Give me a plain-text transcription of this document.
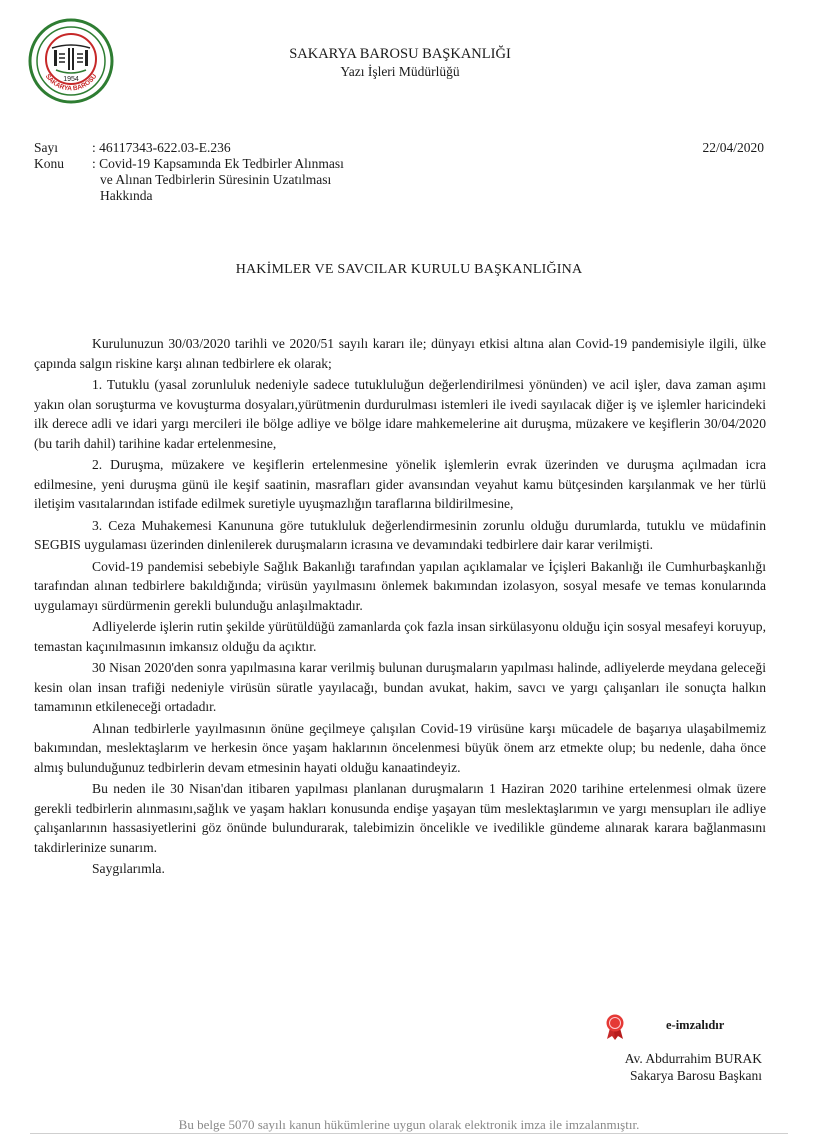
1954
SAKARYA BAROSU
SAKARYA BAROSU BAŞKANLIĞI
Yazı İşleri Müdürlüğü
Sayı	: 46117343-622.03-E.236
Konu	: Covid-19 Kapsamında Ek Tedbirler Alınması
ve Alınan Tedbirlerin Süresinin Uzatılması
Hakkında
22/04/2020
HAKİMLER VE SAVCILAR KURULU BAŞKANLIĞINA

Kurulunuzun 30/03/2020 tarihli ve 2020/51 sayılı kararı ile; dünyayı etkisi altına alan Covid-19 pandemisiyle ilgili, ülke çapında salgın riskine karşı alınan tedbirlere ek olarak;

1. Tutuklu (yasal zorunluluk nedeniyle sadece tutukluluğun değerlendirilmesi yönünden) ve acil işler, dava zaman aşımı yakın olan soruşturma ve kovuşturma dosyaları,yürütmenin durdurulması istemleri ile ivedi sayılacak diğer iş ve işlemler haricindeki ilk derece adli ve idari yargı mercileri ile bölge adliye ve bölge idare mahkemelerine ait duruşma, müzakere ve keşiflerin 30/04/2020 (bu tarih dahil) tarihine kadar ertelenmesine,

2. Duruşma, müzakere ve keşiflerin ertelenmesine yönelik işlemlerin evrak üzerinden ve duruşma açılmadan icra edilmesine, yeni duruşma günü ile keşif saatinin, masrafları gider avansından veyahut kamu bütçesinden karşılanmak ve her türlü iletişim vasıtalarından istifade edilmek suretiyle uyuşmazlığın taraflarına bildirilmesine,

3. Ceza Muhakemesi Kanununa göre tutukluluk değerlendirmesinin zorunlu olduğu durumlarda, tutuklu ve müdafinin SEGBIS uygulaması üzerinden dinlenilerek duruşmaların icrasına ve devamındaki tedbirlere dair karar verilmişti.

Covid-19 pandemisi sebebiyle Sağlık Bakanlığı tarafından yapılan açıklamalar ve İçişleri Bakanlığı ile Cumhurbaşkanlığı tarafından alınan tedbirlere bakıldığında; virüsün yayılmasını önlemek bakımından izolasyon, sosyal mesafe ve temas konularında uygulamayı sürdürmenin gerekli bulunduğu anlaşılmaktadır.

Adliyelerde işlerin rutin şekilde yürütüldüğü zamanlarda çok fazla insan sirkülasyonu olduğu için sosyal mesafeyi koruyup, temastan kaçınılmasının imkansız olduğu da açıktır.

30 Nisan 2020'den sonra yapılmasına karar verilmiş bulunan duruşmaların yapılması halinde, adliyelerde meydana geleceği kesin olan insan trafiği nedeniyle virüsün süratle yayılacağı, bundan avukat, hakim, savcı ve yargı çalışanları ile sonuçta halkın tamamının etkileneceği ortadadır.

Alınan tedbirlerle yayılmasının önüne geçilmeye çalışılan Covid-19 virüsüne karşı mücadele de başarıya ulaşabilmemiz bakımından, meslektaşlarım ve herkesin önce yaşam haklarının öncelenmesi büyük önem arz etmekte olup; bu nedenle, daha önce almış bulunduğunuz tedbirlerin devam etmesinin hayati olduğu kanaatindeyiz.

Bu neden ile 30 Nisan'dan itibaren yapılması planlanan duruşmaların 1 Haziran 2020 tarihine ertelenmesi olmak üzere gerekli tedbirlerin alınmasını,sağlık ve yaşam hakları konusunda endişe yaşayan tüm meslektaşlarımın ve yargı mensupları ile adliye çalışanlarının hassasiyetlerini göz önünde bulundurarak, talebimizin öncelikle ve ivedilikle gündeme alınarak karara bağlanmasını takdirlerinize sunarım.

Saygılarımla.

e-imzalıdır
Av. Abdurrahim BURAK
Sakarya Barosu Başkanı
Bu belge 5070 sayılı kanun hükümlerine uygun olarak elektronik imza ile imzalanmıştır.
